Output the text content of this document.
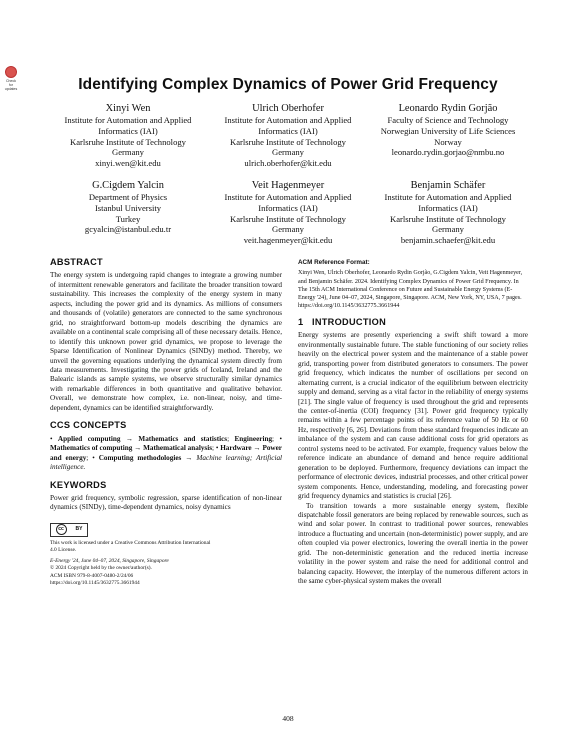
Check for updates	Identifying Complex Dynamics of Power Grid Frequency
Xinyi Wen
Institute for Automation and Applied
Informatics (IAI)
Karlsruhe Institute of Technology
Germany
xinyi.wen@kit.edu
Ulrich Oberhofer
Institute for Automation and Applied
Informatics (IAI)
Karlsruhe Institute of Technology
Germany
ulrich.oberhofer@kit.edu
Leonardo Rydin Gorjão
Faculty of Science and Technology
Norwegian University of Life Sciences
Norway
leonardo.rydin.gorjao@nmbu.no
G.Cigdem Yalcin
Department of Physics
Istanbul University
Turkey
gcyalcin@istanbul.edu.tr
Veit Hagenmeyer
Institute for Automation and Applied
Informatics (IAI)
Karlsruhe Institute of Technology
Germany
veit.hagenmeyer@kit.edu
Benjamin Schäfer
Institute for Automation and Applied
Informatics (IAI)
Karlsruhe Institute of Technology
Germany
benjamin.schaefer@kit.edu
ABSTRACT

The energy system is undergoing rapid changes to integrate a growing number of intermittent renewable generators and facilitate the broader transition toward sustainability. This increases the complexity of the energy system in many aspects, including the power grid and its dynamics. As millions of consumers and thousands of (volatile) generators are connected to the same synchronous grid, no straightforward bottom-up models describing the dynamics are available on a continental scale comprising all of these necessary details. Hence, to identify this unknown power grid dynamics, we propose to leverage the Sparse Identification of Nonlinear Dynamics (SINDy) method. Thereby, we unveil the governing equations underlying the dynamical system directly from data measurements. Investigating the power grids of Iceland, Ireland and the Balearic islands as sample systems, we observe structurally similar dynamics with remarkable differences in both quantitative and qualitative behavior. Overall, we demonstrate how complex, i.e. non-linear, noisy, and time-dependent, dynamics can be identified straightforwardly.

CCS CONCEPTS

• Applied computing → Mathematics and statistics; Engineering; • Mathematics of computing → Mathematical analysis; • Hardware → Power and energy; • Computing methodologies → Machine learning; Artificial intelligence.

KEYWORDS

Power grid frequency, symbolic regression, sparse identification of non-linear dynamics (SINDy), time-dependent dynamics, noisy dynamics

cc	BY
This work is licensed under a Creative Commons Attribution International
4.0 License.
E-Energy '24, June 04–07, 2024, Singapore, Singapore
© 2024 Copyright held by the owner/author(s).
ACM ISBN 979-8-4007-0480-2/24/06
https://doi.org/10.1145/3632775.3661944
ACM Reference Format:

Xinyi Wen, Ulrich Oberhofer, Leonardo Rydin Gorjão, G.Cigdem Yalcin, Veit Hagenmeyer, and Benjamin Schäfer. 2024. Identifying Complex Dynamics of Power Grid Frequency. In The 15th ACM International Conference on Future and Sustainable Energy Systems (E-Energy '24), June 04–07, 2024, Singapore, Singapore. ACM, New York, NY, USA, 7 pages. https://doi.org/10.1145/3632775.3661944

1   INTRODUCTION

Energy systems are presently experiencing a swift shift toward a more environmentally sustainable future. The stable functioning of our society relies heavily on the electrical power system and the maintenance of a stable power grid, transporting power from distributed generators to consumers. The power grid frequency, which indicates the number of oscillations per second on alternating current, is a crucial indicator of the equilibrium between electricity supply and demand, serving as a vital factor in the reliability of energy systems [21]. The single value of frequency is used throughout the grid and represents the center-of-inertia (COI) frequency [31]. Power grid frequency typically remains within a few percentage points of its reference value of 50 Hz or 60 Hz, respectively [6, 26]. Deviations from these standard frequencies indicate an imbalance of the system and can cause additional costs for grid operators as control systems need to be activated. For example, frequency values below the reference indicate an abundance of demand and hence require additional generation to be deployed. Furthermore, frequency deviations can impact the performance of electronic devices, industrial processes, and other critical power system components. Hence, understanding, modeling, and forecasting power grid frequency dynamics and statistics is crucial [26].

To transition towards a more sustainable energy system, flexible dispatchable fossil generators are being replaced by renewable sources, such as wind and solar power. In contrast to traditional power sources, renewables introduce a fluctuating and uncertain (non-deterministic) power supply, and are often coupled via power electronics, lowering the overall inertia in the power grid. The non-deterministic generation and the reduced inertia increase volatility in the power system and raise the need for additional control and balancing capacity. However, the interplay of the numerous different actors in the same cyber-physical system makes the overall

408
